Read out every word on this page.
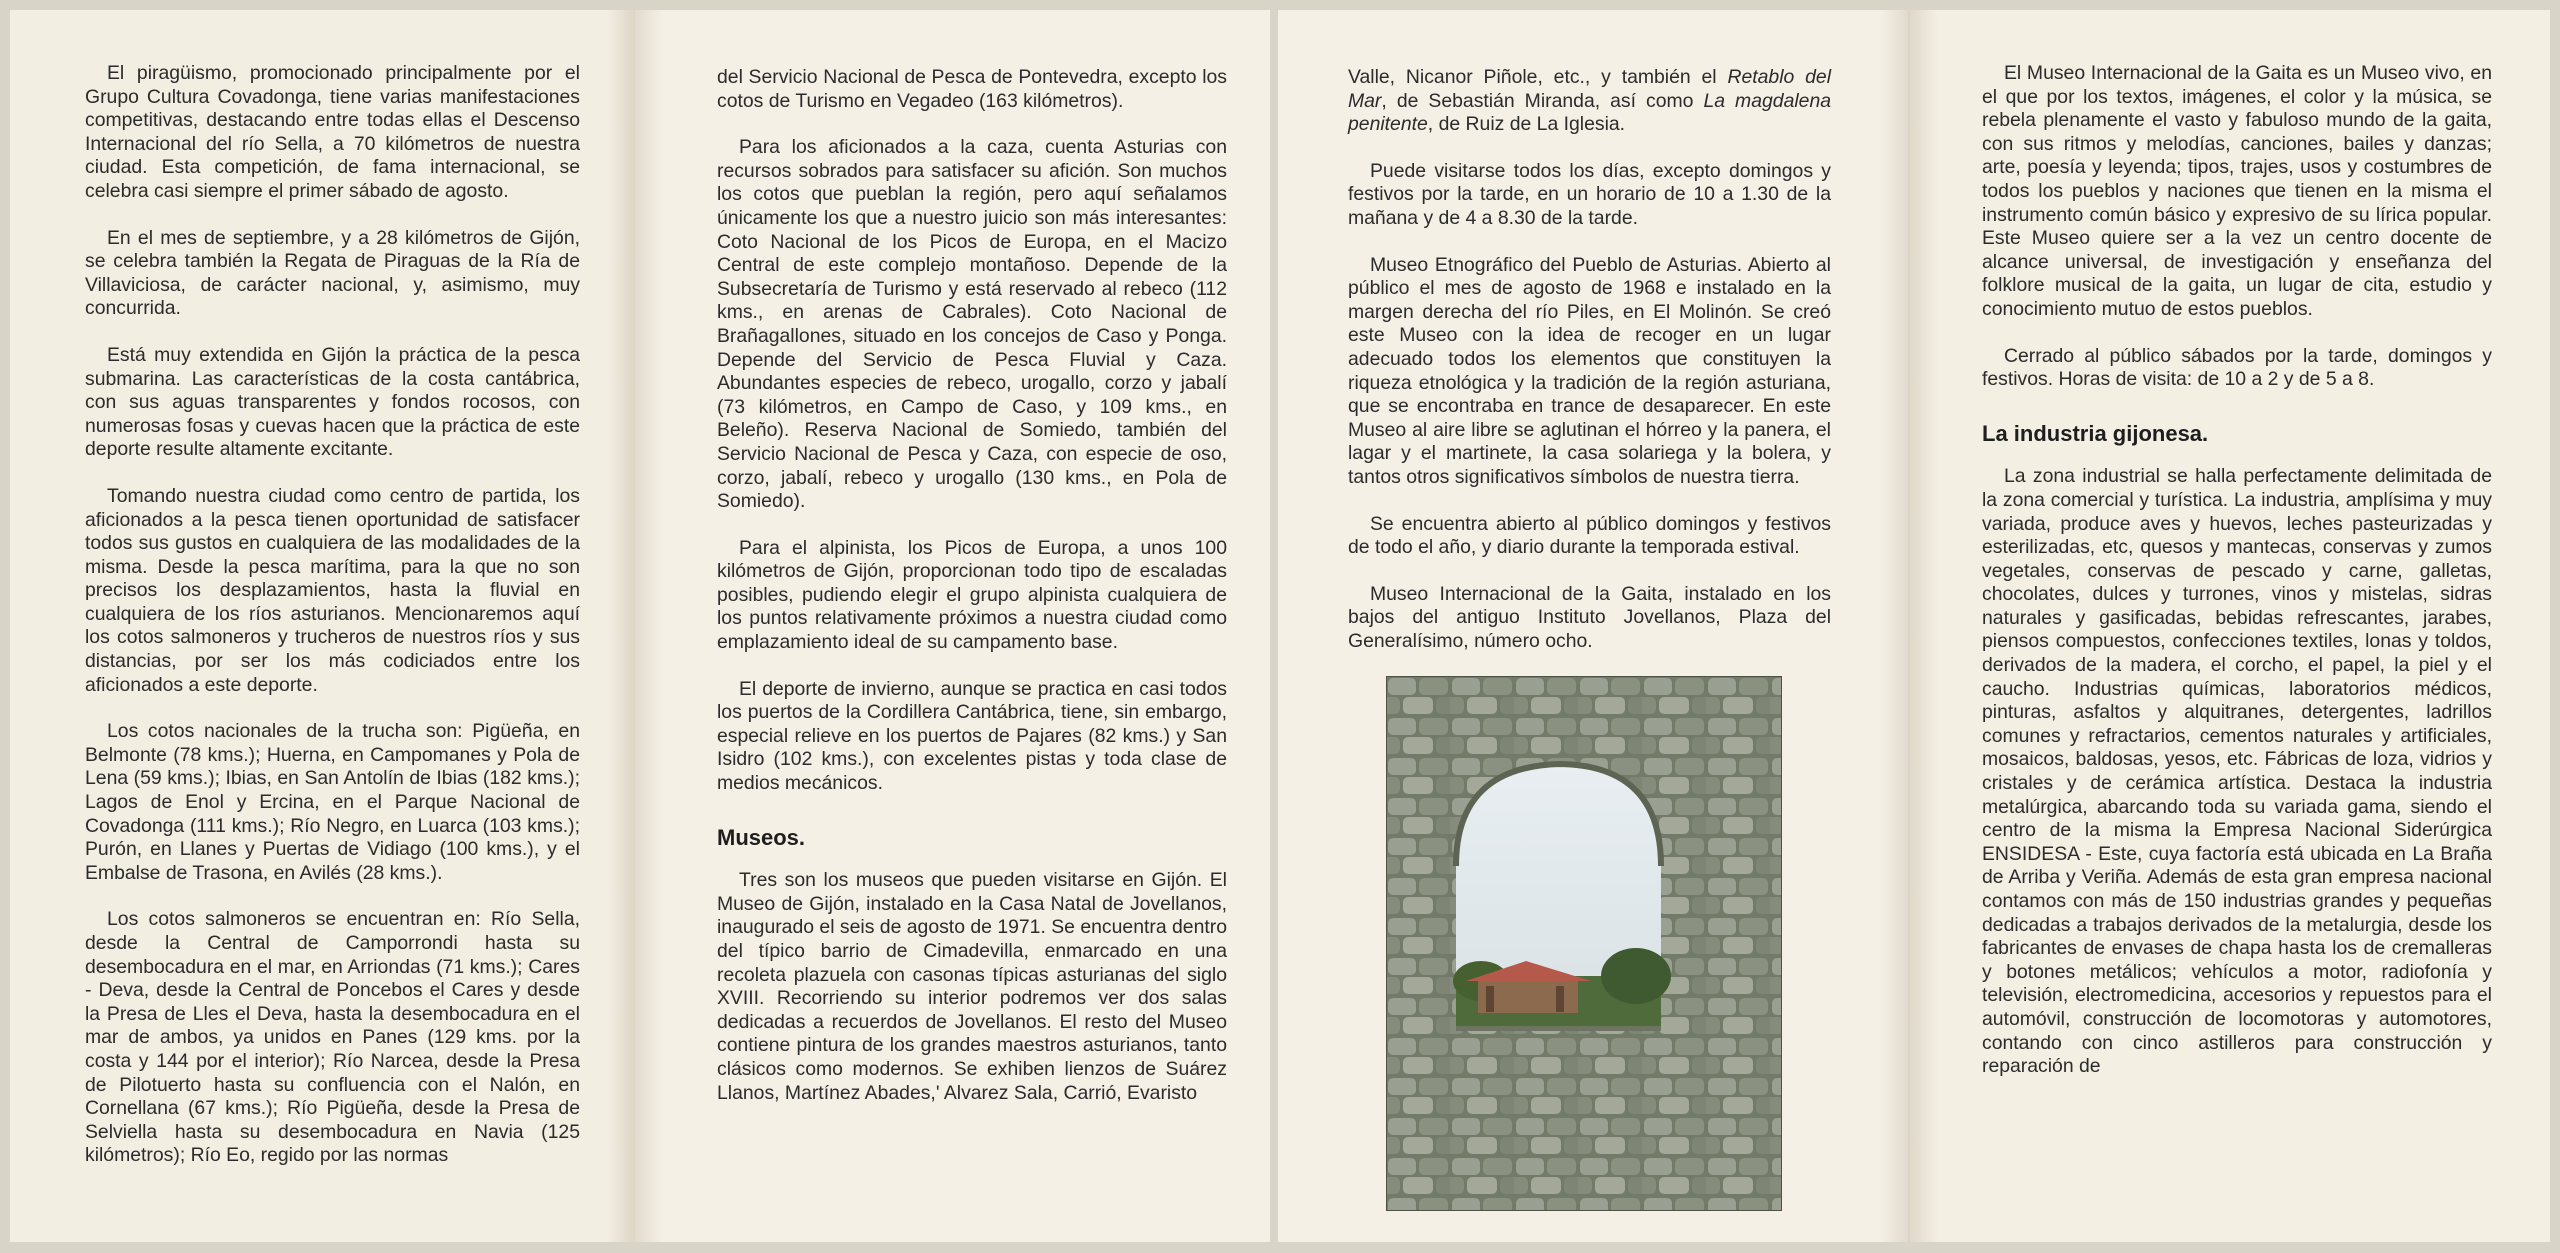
El piragüismo, promocionado principalmente por el Grupo Cultura Covadonga, tiene varias manifestaciones competitivas, destacando entre todas ellas el Descenso Internacional del río Sella, a 70 kilómetros de nuestra ciudad. Esta competición, de fama internacional, se celebra casi siempre el primer sábado de agosto.

En el mes de septiembre, y a 28 kilómetros de Gijón, se celebra también la Regata de Piraguas de la Ría de Villaviciosa, de carácter nacional, y, asimismo, muy concurrida.

Está muy extendida en Gijón la práctica de la pesca submarina. Las características de la costa cantábrica, con sus aguas transparentes y fondos rocosos, con numerosas fosas y cuevas hacen que la práctica de este deporte resulte altamente excitante.

Tomando nuestra ciudad como centro de partida, los aficionados a la pesca tienen oportunidad de satisfacer todos sus gustos en cualquiera de las modalidades de la misma. Desde la pesca marítima, para la que no son precisos los desplazamientos, hasta la fluvial en cualquiera de los ríos asturianos. Mencionaremos aquí los cotos salmoneros y trucheros de nuestros ríos y sus distancias, por ser los más codiciados entre los aficionados a este deporte.

Los cotos nacionales de la trucha son: Pigüeña, en Belmonte (78 kms.); Huerna, en Campomanes y Pola de Lena (59 kms.); Ibias, en San Antolín de Ibias (182 kms.); Lagos de Enol y Ercina, en el Parque Nacional de Covadonga (111 kms.); Río Negro, en Luarca (103 kms.); Purón, en Llanes y Puertas de Vidiago (100 kms.), y el Embalse de Trasona, en Avilés (28 kms.).

Los cotos salmoneros se encuentran en: Río Sella, desde la Central de Camporrondi hasta su desembocadura en el mar, en Arriondas (71 kms.); Cares - Deva, desde la Central de Poncebos el Cares y desde la Presa de Lles el Deva, hasta la desembocadura en el mar de ambos, ya unidos en Panes (129 kms. por la costa y 144 por el interior); Río Narcea, desde la Presa de Pilotuerto hasta su confluencia con el Nalón, en Cornellana (67 kms.); Río Pigüeña, desde la Presa de Selviella hasta su desembocadura en Navia (125 kilómetros); Río Eo, regido por las normas

del Servicio Nacional de Pesca de Pontevedra, excepto los cotos de Turismo en Vegadeo (163 kilómetros).

Para los aficionados a la caza, cuenta Asturias con recursos sobrados para satisfacer su afición. Son muchos los cotos que pueblan la región, pero aquí señalamos únicamente los que a nuestro juicio son más interesantes: Coto Nacional de los Picos de Europa, en el Macizo Central de este complejo montañoso. Depende de la Subsecretaría de Turismo y está reservado al rebeco (112 kms., en arenas de Cabrales). Coto Nacional de Brañagallones, situado en los concejos de Caso y Ponga. Depende del Servicio de Pesca Fluvial y Caza. Abundantes especies de rebeco, urogallo, corzo y jabalí (73 kilómetros, en Campo de Caso, y 109 kms., en Beleño). Reserva Nacional de Somiedo, también del Servicio Nacional de Pesca y Caza, con especie de oso, corzo, jabalí, rebeco y urogallo (130 kms., en Pola de Somiedo).

Para el alpinista, los Picos de Europa, a unos 100 kilómetros de Gijón, proporcionan todo tipo de escaladas posibles, pudiendo elegir el grupo alpinista cualquiera de los puntos relativamente próximos a nuestra ciudad como emplazamiento ideal de su campamento base.

El deporte de invierno, aunque se practica en casi todos los puertos de la Cordillera Cantábrica, tiene, sin embargo, especial relieve en los puertos de Pajares (82 kms.) y San Isidro (102 kms.), con excelentes pistas y toda clase de medios mecánicos.

Museos.

Tres son los museos que pueden visitarse en Gijón. El Museo de Gijón, instalado en la Casa Natal de Jovellanos, inaugurado el seis de agosto de 1971. Se encuentra dentro del típico barrio de Cimadevilla, enmarcado en una recoleta plazuela con casonas típicas asturianas del siglo XVIII. Recorriendo su interior podremos ver dos salas dedicadas a recuerdos de Jovellanos. El resto del Museo contiene pintura de los grandes maestros asturianos, tanto clásicos como modernos. Se exhiben lienzos de Suárez Llanos, Martínez Abades,' Alvarez Sala, Carrió, Evaristo

Valle, Nicanor Piñole, etc., y también el Retablo del Mar, de Sebastián Miranda, así como La magdalena penitente, de Ruiz de La Iglesia.

Puede visitarse todos los días, excepto domingos y festivos por la tarde, en un horario de 10 a 1.30 de la mañana y de 4 a 8.30 de la tarde.

Museo Etnográfico del Pueblo de Asturias. Abierto al público el mes de agosto de 1968 e instalado en la margen derecha del río Piles, en El Molinón. Se creó este Museo con la idea de recoger en un lugar adecuado todos los elementos que constituyen la riqueza etnológica y la tradición de la región asturiana, que se encontraba en trance de desaparecer. En este Museo al aire libre se aglutinan el hórreo y la panera, el lagar y el martinete, la casa solariega y la bolera, y tantos otros significativos símbolos de nuestra tierra.

Se encuentra abierto al público domingos y festivos de todo el año, y diario durante la temporada estival.

Museo Internacional de la Gaita, instalado en los bajos del antiguo Instituto Jovellanos, Plaza del Generalísimo, número ocho.

El Museo Internacional de la Gaita es un Museo vivo, en el que por los textos, imágenes, el color y la música, se rebela plenamente el vasto y fabuloso mundo de la gaita, con sus ritmos y melodías, canciones, bailes y danzas; arte, poesía y leyenda; tipos, trajes, usos y costumbres de todos los pueblos y naciones que tienen en la misma el instrumento común básico y expresivo de su lírica popular. Este Museo quiere ser a la vez un centro docente de alcance universal, de investigación y enseñanza del folklore musical de la gaita, un lugar de cita, estudio y conocimiento mutuo de estos pueblos.

Cerrado al público sábados por la tarde, domingos y festivos. Horas de visita: de 10 a 2 y de 5 a 8.

La industria gijonesa.

La zona industrial se halla perfectamente delimitada de la zona comercial y turística. La industria, amplísima y muy variada, produce aves y huevos, leches pasteurizadas y esterilizadas, etc, quesos y mantecas, conservas y zumos vegetales, conservas de pescado y carne, galletas, chocolates, dulces y turrones, vinos y mistelas, sidras naturales y gasificadas, bebidas refrescantes, jarabes, piensos compuestos, confecciones textiles, lonas y toldos, derivados de la madera, el corcho, el papel, la piel y el caucho. Industrias químicas, laboratorios médicos, pinturas, asfaltos y alquitranes, detergentes, ladrillos comunes y refractarios, cementos naturales y artificiales, mosaicos, baldosas, yesos, etc. Fábricas de loza, vidrios y cristales y de cerámica artística. Destaca la industria metalúrgica, abarcando toda su variada gama, siendo el centro de la misma la Empresa Nacional Siderúrgica ENSIDESA - Este, cuya factoría está ubicada en La Braña de Arriba y Veriña. Además de esta gran empresa nacional contamos con más de 150 industrias grandes y pequeñas dedicadas a trabajos derivados de la metalurgia, desde los fabricantes de envases de chapa hasta los de cremalleras y botones metálicos; vehículos a motor, radiofonía y televisión, electromedicina, accesorios y repuestos para el automóvil, construcción de locomotoras y automotores, contando con cinco astilleros para construcción y reparación de
